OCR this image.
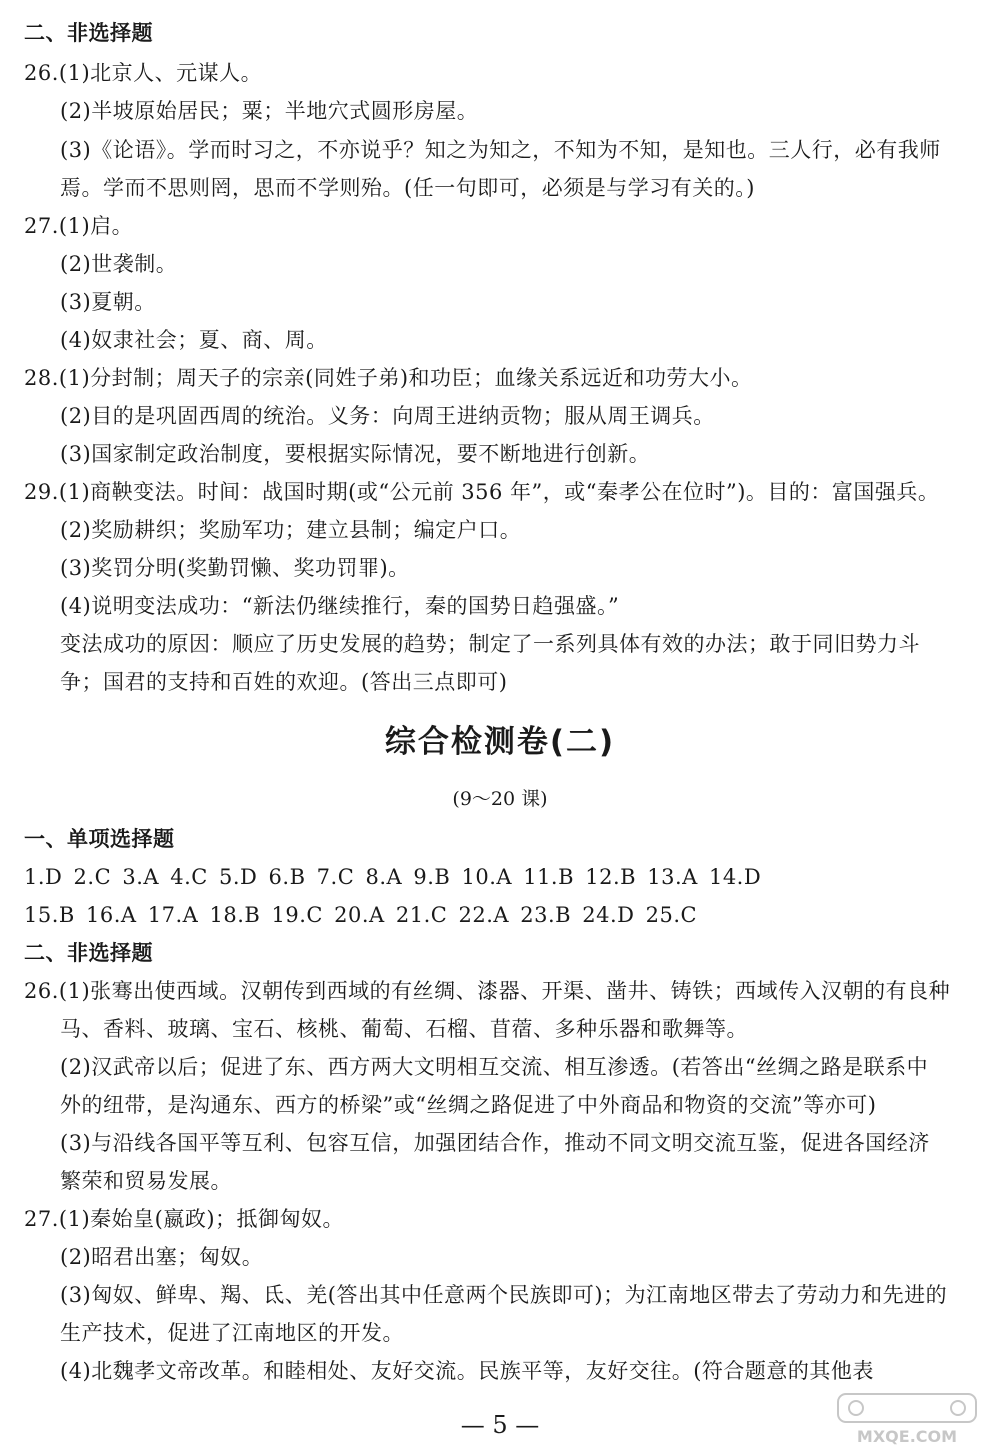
二、非选择题
26.(1)北京人、元谋人。
(2)半坡原始居民；粟；半地穴式圆形房屋。
(3)《论语》。学而时习之，不亦说乎？知之为知之，不知为不知，是知也。三人行，必有我师
焉。学而不思则罔，思而不学则殆。(任一句即可，必须是与学习有关的。)
27.(1)启。
(2)世袭制。
(3)夏朝。
(4)奴隶社会；夏、商、周。
28.(1)分封制；周天子的宗亲(同姓子弟)和功臣；血缘关系远近和功劳大小。
(2)目的是巩固西周的统治。义务：向周王进纳贡物；服从周王调兵。
(3)国家制定政治制度，要根据实际情况，要不断地进行创新。
29.(1)商鞅变法。时间：战国时期(或“公元前 356 年”，或“秦孝公在位时”)。目的：富国强兵。
(2)奖励耕织；奖励军功；建立县制；编定户口。
(3)奖罚分明(奖勤罚懒、奖功罚罪)。
(4)说明变法成功：“新法仍继续推行，秦的国势日趋强盛。”
变法成功的原因：顺应了历史发展的趋势；制定了一系列具体有效的办法；敢于同旧势力斗
争；国君的支持和百姓的欢迎。(答出三点即可)
综合检测卷(二)
(9～20 课)
一、单项选择题
1.D 2.C 3.A 4.C 5.D 6.B 7.C 8.A 9.B 10.A 11.B 12.B 13.A 14.D
15.B 16.A 17.A 18.B 19.C 20.A 21.C 22.A 23.B 24.D 25.C
二、非选择题
26.(1)张骞出使西域。汉朝传到西域的有丝绸、漆器、开渠、凿井、铸铁；西域传入汉朝的有良种
马、香料、玻璃、宝石、核桃、葡萄、石榴、苜蓿、多种乐器和歌舞等。
(2)汉武帝以后；促进了东、西方两大文明相互交流、相互渗透。(若答出“丝绸之路是联系中
外的纽带，是沟通东、西方的桥梁”或“丝绸之路促进了中外商品和物资的交流”等亦可)
(3)与沿线各国平等互利、包容互信，加强团结合作，推动不同文明交流互鉴，促进各国经济
繁荣和贸易发展。
27.(1)秦始皇(嬴政)；抵御匈奴。
(2)昭君出塞；匈奴。
(3)匈奴、鲜卑、羯、氐、羌(答出其中任意两个民族即可)；为江南地区带去了劳动力和先进的
生产技术，促进了江南地区的开发。
(4)北魏孝文帝改革。和睦相处、友好交流。民族平等，友好交往。(符合题意的其他表
— 5 —	MXQE.COM
